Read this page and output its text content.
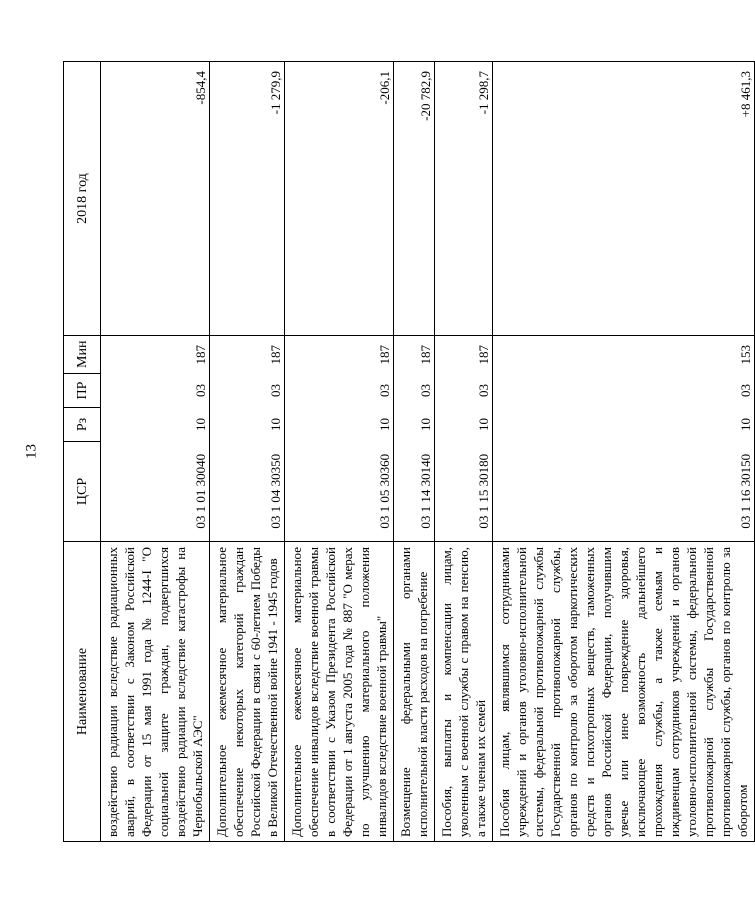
13
Наименование	ЦСР	Рз	ПР	Мин	2018 год
воздействию радиации вследствие радиационных аварий, в соответствии с Законом Российской Федерации от 15 мая 1991 года № 1244-I "О социальной защите граждан, подвергшихся воздействию радиации вследствие катастрофы на Чернобыльской АЭС"	03 1 01 30040	10	03	187	-854,4
Дополнительное ежемесячное материальное обеспечение некоторых категорий граждан Российской Федерации в связи с 60-летием Победы в Великой Отечественной войне 1941 - 1945 годов	03 1 04 30350	10	03	187	-1 279,9
Дополнительное ежемесячное материальное обеспечение инвалидов вследствие военной травмы в соответствии с Указом Президента Российской Федерации от 1 августа 2005 года № 887 "О мерах по улучшению материального положения инвалидов вследствие военной травмы"	03 1 05 30360	10	03	187	-206,1
Возмещение федеральными органами исполнительной власти расходов на погребение	03 1 14 30140	10	03	187	-20 782,9
Пособия, выплаты и компенсации лицам, уволенным с военной службы с правом на пенсию, а также членам их семей	03 1 15 30180	10	03	187	-1 298,7
Пособия лицам, являвшимся сотрудниками учреждений и органов уголовно-исполнительной системы, федеральной противопожарной службы Государственной противопожарной службы, органов по контролю за оборотом наркотических средств и психотропных веществ, таможенных органов Российской Федерации, получившим увечье или иное повреждение здоровья, исключающее возможность дальнейшего прохождения службы, а также семьям и иждивенцам сотрудников учреждений и органов уголовно-исполнительной системы, федеральной противопожарной службы Государственной противопожарной службы, органов по контролю за оборотом	03 1 16 30150	10	03	153	+8 461,3
